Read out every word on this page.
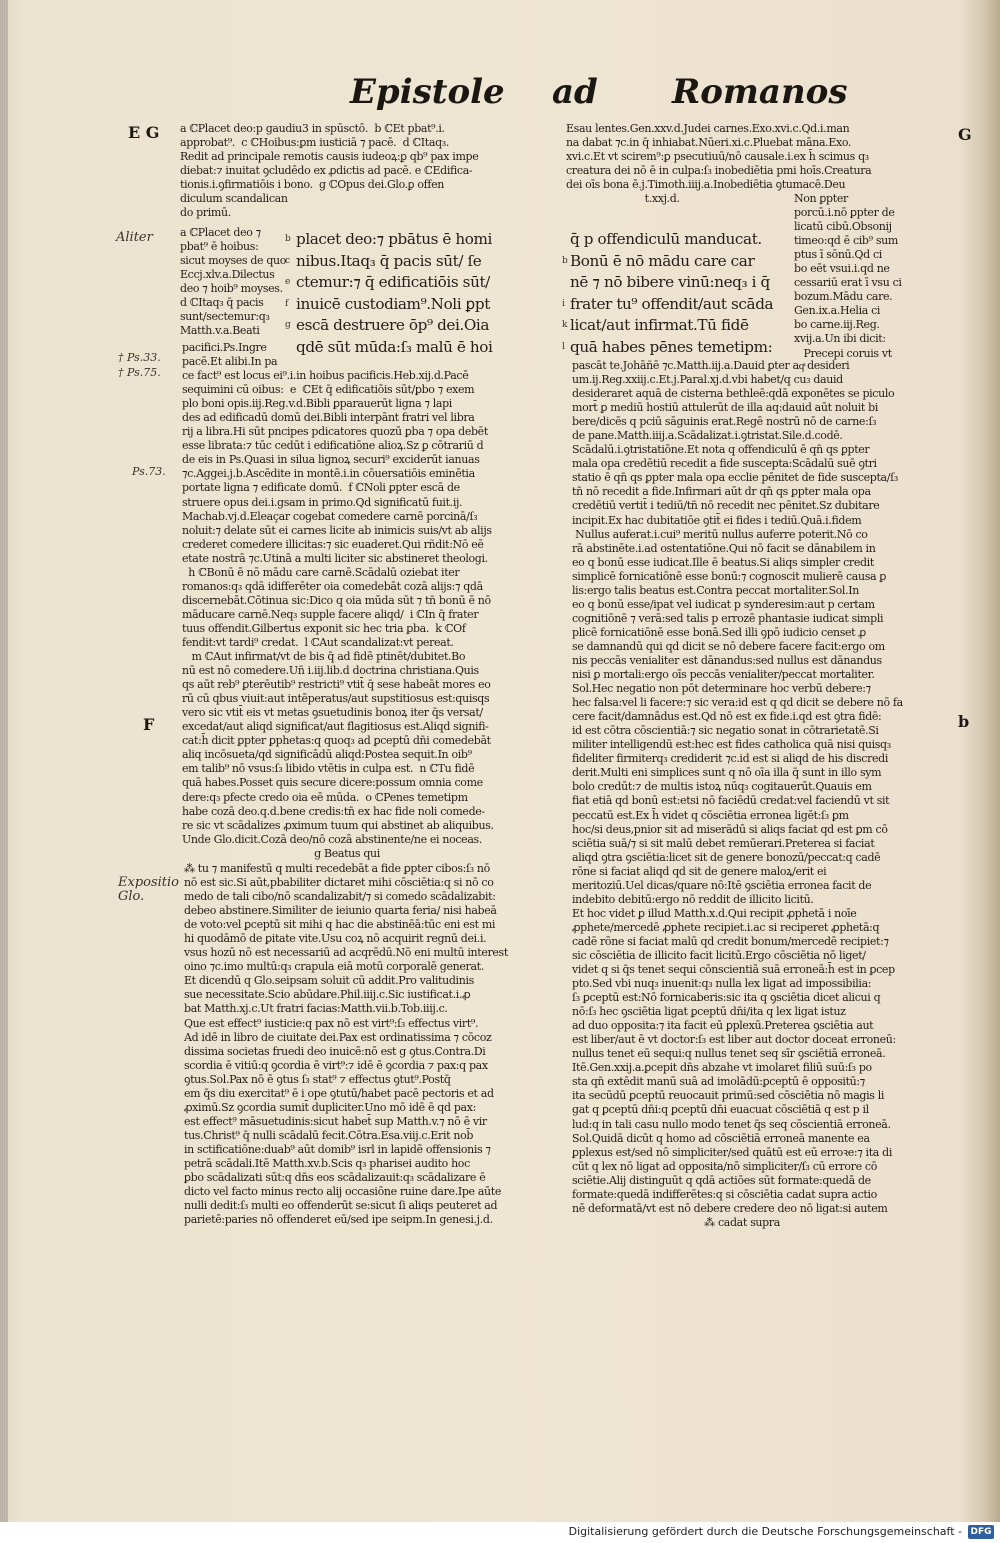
Epistole ad Romanos
E G
Aliter
† Ps.33.
† Ps.75.
Ps.73.
F
Expositio
Glo.
G
b
a ℂPlacet deo:p gaudiu3 in spūsctō.  b ℂEt pbat⁹.i.
approbat⁹.  c ℂHoibus:ꝑm iusticiā ⁊ pacē.  d ℂItaq₃.
Redit ad principale remotis causis iudeoꝝ:ꝑ qb⁹ pax impe
diebat:⁊ inuitat ꝯcludēdo ex ꝓdictis ad pacē. e ℂEdifica-
tionis.i.ꝯfirmatiōis i bono.  g ℂOpus dei.Glo.ꝑ offen
diculum scandalican
do primū.
Esau lentes.Gen.xxv.d.Judei carnes.Exo.xvi.c.Qd.i.man
na dabat ⁊c.in q̄ inhiabat.Nūeri.xi.c.Pluebat māna.Exo.
xvi.c.Et vt scirem⁹:ꝑ psecutiuū/nō causale.i.ex h̄ scimus q₃
creatura dei nō ē in culpa:ſ₃ inobediētia pmi hoīs.Creatura
dei oīs bona ē.j.Timoth.iiij.a.Inobediētia ꝯtumacē.Deu
t.xxj.d.	Non ꝑpter
porcū.i.nō ꝑpter de
licatū cibū.Obsonij
timeo:qd ē cib⁹ sum
ptus ī sōnū.Qd ci
bo eēt vsui.i.qd ne
cessariū erat ī vsu ci
bozum.Mādu care.
Gen.ix.a.Helia ci
bo carne.iij.Reg.
xvij.a.Un ibi dicit:
Precepi coruis vt
a ℂPlacet deo ⁊
pbat⁹ ē hoibus:
sicut moyses de quo
Eccj.xlv.a.Dilectus
deo ⁊ hoib⁹ moyses.
d ℂItaq₃ q̄ pacis
sunt/sectemur:q₃
Matth.v.a.Beati
b
c
e
f
g

b

i
k
l
placet deo:⁊ pbātus ē homi
nibus.Itaq₃ q̄ pacis sūt/ ſe
ctemur:⁊ q̄ edificatiōis sūt/
inuicē custodiam⁹.Noli ꝑpt
escā destruere ōp⁹ dei.Oia
qdē sūt mūda:ſ₃ malū ē hoi
q̄ p offendiculū manducat.
Bonū ē nō mādu care car
nē ⁊ nō bibere vinū:neq₃ i q̄
frater tu⁹ offendit/aut scāda
licat/aut infirmat.Tū fidē
quā habes pēnes temetipm:
pacifici.Ps.Ingre
pacē.Et alibi.In pa
ce fact⁹ est locus ei⁹.i.in hoibus pacificis.Heb.xij.d.Pacē
sequimini cū oibus:  e  ℂEt q̄ edificatiōis sūt/ꝑbo ⁊ exem
plo boni opis.iij.Reg.v.d.Bibli ꝑparauerūt ligna ⁊ lapi
des ad edificadū domū dei.Bibli interpānt fratri vel libra
rij a libra.Hi sūt pncipes pdicatores quozū ꝑba ⁊ opa debēt
esse librata:⁊ tūc cedūt i edificatiōne alioꝝ.Sz ꝑ cōtrariū d
de eis in Ps.Quasi in silua lignoꝝ securi⁹ exciderūt ianuas
⁊c.Aggei.j.b.Ascēdite in montē.i.in cōuersatiōis eminētia
portate ligna ⁊ edificate domū.  f ℂNoli ꝑpter escā de
struere opus dei.i.gsam in primo.Qd significatū fuit.ij.
Machab.vj.d.Eleaçar cogebat comedere carnē porcinā/ſ₃
noluit:⁊ delate sūt ei carnes licite ab inimicis suis/vt ab alijs
crederet comedere illicitas:⁊ sic euaderet.Qui rñdit:Nō eē
etate nostrā ⁊c.Utinā a multi liciter sic abstineret theologi.
h ℂBonū ē nō mādu care carnē.Scādalū oziebat iter
romanos:q₃ qdā idifferēter oia comedebāt cozā alijs:⁊ qdā
discernebāt.Cōtinua sic:Dico q oia mūda sūt ⁊ tn̄ bonū ē nō
māducare carnē.Neq₃ supple facere aliqd/  i ℂIn q̄ frater
tuus offendit.Gilbertus exponit sic hec tria ꝑba.  k ℂOf
fendit:vt tardi⁹ credat.  l ℂAut scandalizat:vt pereat.
m ℂAut infirmat/vt de bis q̄ ad fidē ptinēt/dubitet.Bo
nū est nō comedere.Un̄ i.iij.lib.d doctrina christiana.Quis
qs aūt reb⁹ ꝑterēutib⁹ restricti⁹ vtit̄ q̄ sese habeāt mores eo
rū cū qbus viuit:aut intēperatus/aut supstitiosus est:quisqs
vero sic vtit̄ eis vt metas ꝯsuetudinis bonoꝝ iter q̄s versat/
excedat/aut aliqd significat/aut flagitiosus est.Aliqd signifi-
cat:h̄ dicit ꝑpter ꝑphetas:q quoq₃ ad ꝑceptū dn̄i comedebāt
aliq incōsueta/qd significādū aliqd:Postea sequit.In oib⁹
em talib⁹ nō vsus:ſ₃ libido vtētis in culpa est.  n ℂTu fidē
quā habes.Posset quis secure dicere:possum omnia come
dere:q₃ pfecte credo oia eē mūda.  o ℂPenes temetipm
habe cozā deo.q.d.bene credis:tn̄ ex hac fide noli comede-
re sic vt scādalizes ꝓximum tuum qui abstinet ab aliquibus.
Unde Glo.dicit.Cozā deo/nō cozā abstinente/ne ei noceas.
g Beatus qui
⁂ tu ⁊ manifestū q multi recedebāt a fide ꝑpter cibos:ſ₃ nō
nō est sic.Si aūt,pbabiliter dictaret mihi cōsciētia:q si nō co
medo de tali cibo/nō scandalizabit/⁊ si comedo scādalizabit:
debeo abstinere.Similiter de ieiunio quarta feria/ nisi habeā
de voto:vel ꝑceptū sit mihi q hac die abstinēā:tūc eni est mi
hi quodāmō de ꝑitate vite.Usu coꝝ nō acquirit regnū dei.i.
vsus hozū nō est necessariū ad acqrēdū.Nō eni multū interest
oino ⁊c.imo multū:q₃ crapula eiā motū corporalē generat.
Et dicendū q Glo.seipsam soluit cū addit.Pro valitudinis
sue necessitate.Scio abūdare.Phil.iiij.c.Sic iustificat.i.ꝓ
bat Matth.xj.c.Ut fratri facias:Matth.vii.b.Tob.iiij.c.
Que est effect⁹ iusticie:q pax nō est virt⁹:ſ₃ effectus virt⁹.
Ad idē in libro de ciuitate dei.Pax est ordinatissima ⁊ cōcoz
dissima societas fruedi deo inuicē:nō est g ꝯtus.Contra.Di
scordia ē vitiū:q ꝯcordia ē virt⁹:⁊ idē ē ꝯcordia ⁊ pax:q pax
ꝯtus.Sol.Pax nō ē ꝯtus ſ₃ stat⁹ ⁊ effectus ꝯtut⁹.Postq̄
em q̄s diu exercitat⁹ ē i ope ꝯtutū/habet pacē pectoris et ad
ꝓximū.Sz ꝯcordia sumit̄ dupliciter.Uno mō idē ē qd pax:
est effect⁹ māsuetudinis:sicut habet̄ sup Matth.v.⁊ nō ē vir
tus.Christ⁹ q̄ nulli scādalū fecit.Cōtra.Esa.viij.c.Erit nob̄
in sctificatiōne:duab⁹ aūt domib⁹ isrl in lapidē offensionis ⁊
petrā scādali.Itē Matth.xv.b.Scis q₃ pharisei audito hoc
ꝑbo scādalizati sūt:q dn̄s eos scādalizauit:q₃ scādalizare ē
dicto vel facto minus recto alij occasiōne ruine dare.Ipe aūte
nulli dedit:ſ₃ multi eo offenderūt se:sicut ſi aliqs peuteret ad
parietē:paries nō offenderet eū/sed ipe seipm.In genesi.j.d.
pascāt te.Johāñē ⁊c.Matth.iij.a.Dauid ꝑter aqͣ desideri
um.ij.Reg.xxiij.c.Et.j.Paral.xj.d.vbi habet/q cu₃ dauid
desideraret aquā de cisterna bethleē:qdā exponētes se piculo
mort̄ ꝑ mediū hostiū attulerūt de illa aq:dauid aūt noluit bi
bere/dicēs q pciū sāguinis erat.Regē nostrū nō de carne:ſ₃
de pane.Matth.iiij.a.Scādalizat.i.ꝯtristat.Sile.d.codē.
Scādalū.i.ꝯtristatiōne.Et nota q offendiculū ē qn̄ qs ꝑpter
mala opa credētiū recedit a fide suscepta:Scādalū suē ꝯtri
statio ē qn̄ qs ꝑpter mala opa ecclie pēnitet de fide suscepta/ſ₃
tn̄ nō recedit a fide.Infirmari aūt dr qn̄ qs ꝑpter mala opa
credētiū vertit̄ i tediū/tn̄ nō recedit nec pēnitet.Sz dubitare
incipit.Ex hac dubitatiōe ꝯtit̄ ei fides i tediū.Quā.i.fidem
Nullus auferat.i.cui⁹ meritū nullus auferre poterit.Nō co
rā abstinēte.i.ad ostentatiōne.Qui nō facit se dānabilem in
eo q bonū esse iudicat.Ille ē beatus.Si aliqs simpler credit
simplicē fornicatiōnē esse bonū:⁊ cognoscit mulierē causa ꝑ
lis:ergo talis beatus est.Contra peccat mortaliter.Sol.In
eo q bonū esse/ipat vel iudicat p synderesim:aut p certam
cognitiōnē ⁊ verā:sed talis p errozē phantasie iudicat simpli
plicē fornicatiōnē esse bonā.Sed illi ꝯpō iudicio censet ꝓ
se damnandū qui qd dicit se nō debere facere facit:ergo om
nis peccās venialiter est dānandus:sed nullus est dānandus
nisi ꝑ mortali:ergo oīs peccās venialiter/peccat mortaliter.
Sol.Hec negatio non pōt determinare hoc verbū debere:⁊
hec falsa:vel li facere:⁊ sic vera:id est q qd dicit se debere nō fa
cere facit/damnādus est.Qd nō est ex fide.i.qd est ꝯtra fidē:
id est cōtra cōscientiā:⁊ sic negatio sonat in cōtrarietatē.Si
militer intelligendū est:hec est fides catholica quā nisi quisq₃
fideliter firmiterq₃ crediderit ⁊c.id est si aliqd de his discredi
derit.Multi eni simplices sunt q nō oīa illa q̄ sunt in illo sym
bolo credūt:⁊ de multis istoꝝ nūq₃ cogitauerūt.Quauis em
fiat etiā qd bonū est:etsi nō faciēdū credat:vel faciendū vt sit
peccatū est.Ex h̄ videt q cōsciētia erronea ligēt:ſ₃ ꝑm
hoc/si deus,pnior sit ad miserādū si aliqs faciat qd est ꝑm cō
sciētia suā/⁊ si sit malū debet remūerari.Preterea si faciat
aliqd ꝯtra ꝯsciētia:licet sit de genere bonozū/peccat:q cadē
rōne si faciat aliqd qd sit de genere maloꝝ/erit ei
meritoziū.Uel dicas/quare nō:Itē ꝯsciētia erronea facit de
indebito debitū:ergo nō reddit de illicito licitū.
Et hoc videt ꝑ illud Matth.x.d.Qui recipit ꝓphetā i noīe
ꝓphete/mercedē ꝓphete recipiet.i.ac si reciperet ꝓphetā:q
cadē rōne si faciat malū qd credit bonum/mercedē recipiet:⁊
sic cōsciētia de illicito facit licitū.Ergo cōsciētia nō liget/
videt q si q̄s tenet sequi cōnscientiā suā erroneā:h̄ est in ꝑcep
pto.Sed vbi nuq₃ inuenit:q₃ nulla lex ligat ad impossibilia:
ſ₃ ꝑceptū est:Nō fornicaberis:sic ita q ꝯsciētia dicet alicui q
nō:ſ₃ hec ꝯsciētia ligat ꝑceptū dn̄i/ita q lex ligat istuz
ad duo opposita:⁊ ita facit eū ꝑplexū.Preterea ꝯsciētia aut
est liber/aut ē vt doctor:ſ₃ est liber aut doctor doceat erroneū:
nullus tenet eū sequi:q nullus tenet seq sīr ꝯsciētiā erroneā.
Itē.Gen.xxij.a.ꝑcepit dn̄s abzahe vt imolaret filiū suū:ſ₃ po
sta qn̄ extēdit manū suā ad imolādū:ꝑceptū ē oppositū:⁊
ita secūdū ꝑceptū reuocauit primū:sed cōsciētia nō magis li
gat q ꝑceptū dn̄i:q ꝑceptū dn̄i euacuat cōsciētiā q est p il
lud:q in tali casu nullo modo tenet q̄s seq cōscientiā erroneā.
Sol.Quidā dicūt q homo ad cōsciētiā erroneā manente ea
ꝑplexus est/sed nō simpliciter/sed quātū est eū erroꝛe:⁊ ita di
cūt q lex nō ligat ad opposita/nō simpliciter/ſ₃ cū errore cō
sciētie.Alij distinguūt q qdā actiōes sūt formate:quedā de
formate:quedā indifferētes:q si cōsciētia cadat supra actio
nē deformatā/vt est nō debere credere deo nō ligat:si autem
⁂ cadat supra
Digitalisierung gefördert durch die Deutsche Forschungsgemeinschaft - DFG
